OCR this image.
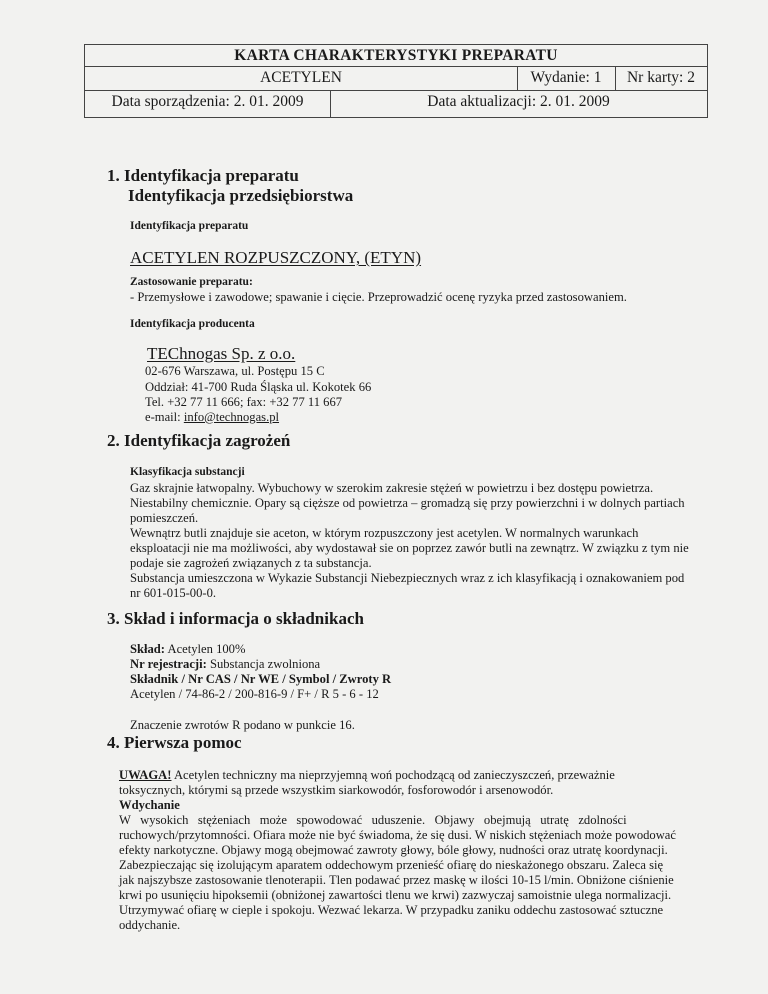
KARTA CHARAKTERYSTYKI PREPARATU
ACETYLEN	Wydanie: 1	Nr karty: 2
Data sporządzenia: 2. 01. 2009	Data aktualizacji: 2. 01. 2009
1. Identyfikacja preparatu
Identyfikacja przedsiębiorstwa
Identyfikacja preparatu
ACETYLEN ROZPUSZCZONY, (ETYN)
Zastosowanie preparatu:
- Przemysłowe i zawodowe; spawanie i cięcie. Przeprowadzić ocenę ryzyka przed zastosowaniem.
Identyfikacja producenta
TEChnogas Sp. z o.o.
02-676 Warszawa, ul. Postępu 15 C
Oddział: 41-700 Ruda Śląska ul. Kokotek 66
Tel. +32 77 11 666; fax: +32 77 11 667
e-mail: info@technogas.pl
2. Identyfikacja zagrożeń
Klasyfikacja substancji
Gaz skrajnie łatwopalny. Wybuchowy w szerokim zakresie stężeń w powietrzu i bez dostępu powietrza.
Niestabilny chemicznie. Opary są cięższe od powietrza – gromadzą się przy powierzchni i w dolnych partiach
pomieszczeń.
Wewnątrz butli znajduje sie aceton, w którym rozpuszczony jest acetylen. W normalnych warunkach
eksploatacji nie ma możliwości, aby wydostawał sie on poprzez zawór butli na zewnątrz. W związku z tym nie
podaje sie zagrożeń związanych z ta substancja.
Substancja umieszczona w Wykazie Substancji Niebezpiecznych wraz z ich klasyfikacją i oznakowaniem pod
nr 601-015-00-0.
3. Skład i informacja o składnikach
Skład: Acetylen 100%
Nr rejestracji: Substancja zwolniona
Składnik / Nr CAS / Nr WE / Symbol / Zwroty R
Acetylen / 74-86-2 / 200-816-9 / F+ / R 5 - 6 - 12
Znaczenie zwrotów R podano w punkcie 16.
4. Pierwsza pomoc
UWAGA! Acetylen techniczny ma nieprzyjemną woń pochodzącą od zanieczyszczeń, przeważnie
toksycznych, którymi są przede wszystkim siarkowodór, fosforowodór i arsenowodór.
Wdychanie
W   wysokich   stężeniach   może   spowodować   uduszenie.   Objawy   obejmują   utratę   zdolności
ruchowych/przytomności. Ofiara może nie być świadoma, że się dusi. W niskich stężeniach może powodować
efekty narkotyczne. Objawy mogą obejmować zawroty głowy, bóle głowy, nudności oraz utratę koordynacji.
Zabezpieczając się izolującym aparatem oddechowym przenieść ofiarę do nieskażonego obszaru. Zaleca się
jak najszybsze zastosowanie tlenoterapii. Tlen podawać przez maskę w ilości 10-15 l/min. Obniżone ciśnienie
krwi po usunięciu hipoksemii (obniżonej zawartości tlenu we krwi) zazwyczaj samoistnie ulega normalizacji.
Utrzymywać ofiarę w cieple i spokoju. Wezwać lekarza. W przypadku zaniku oddechu zastosować sztuczne
oddychanie.
